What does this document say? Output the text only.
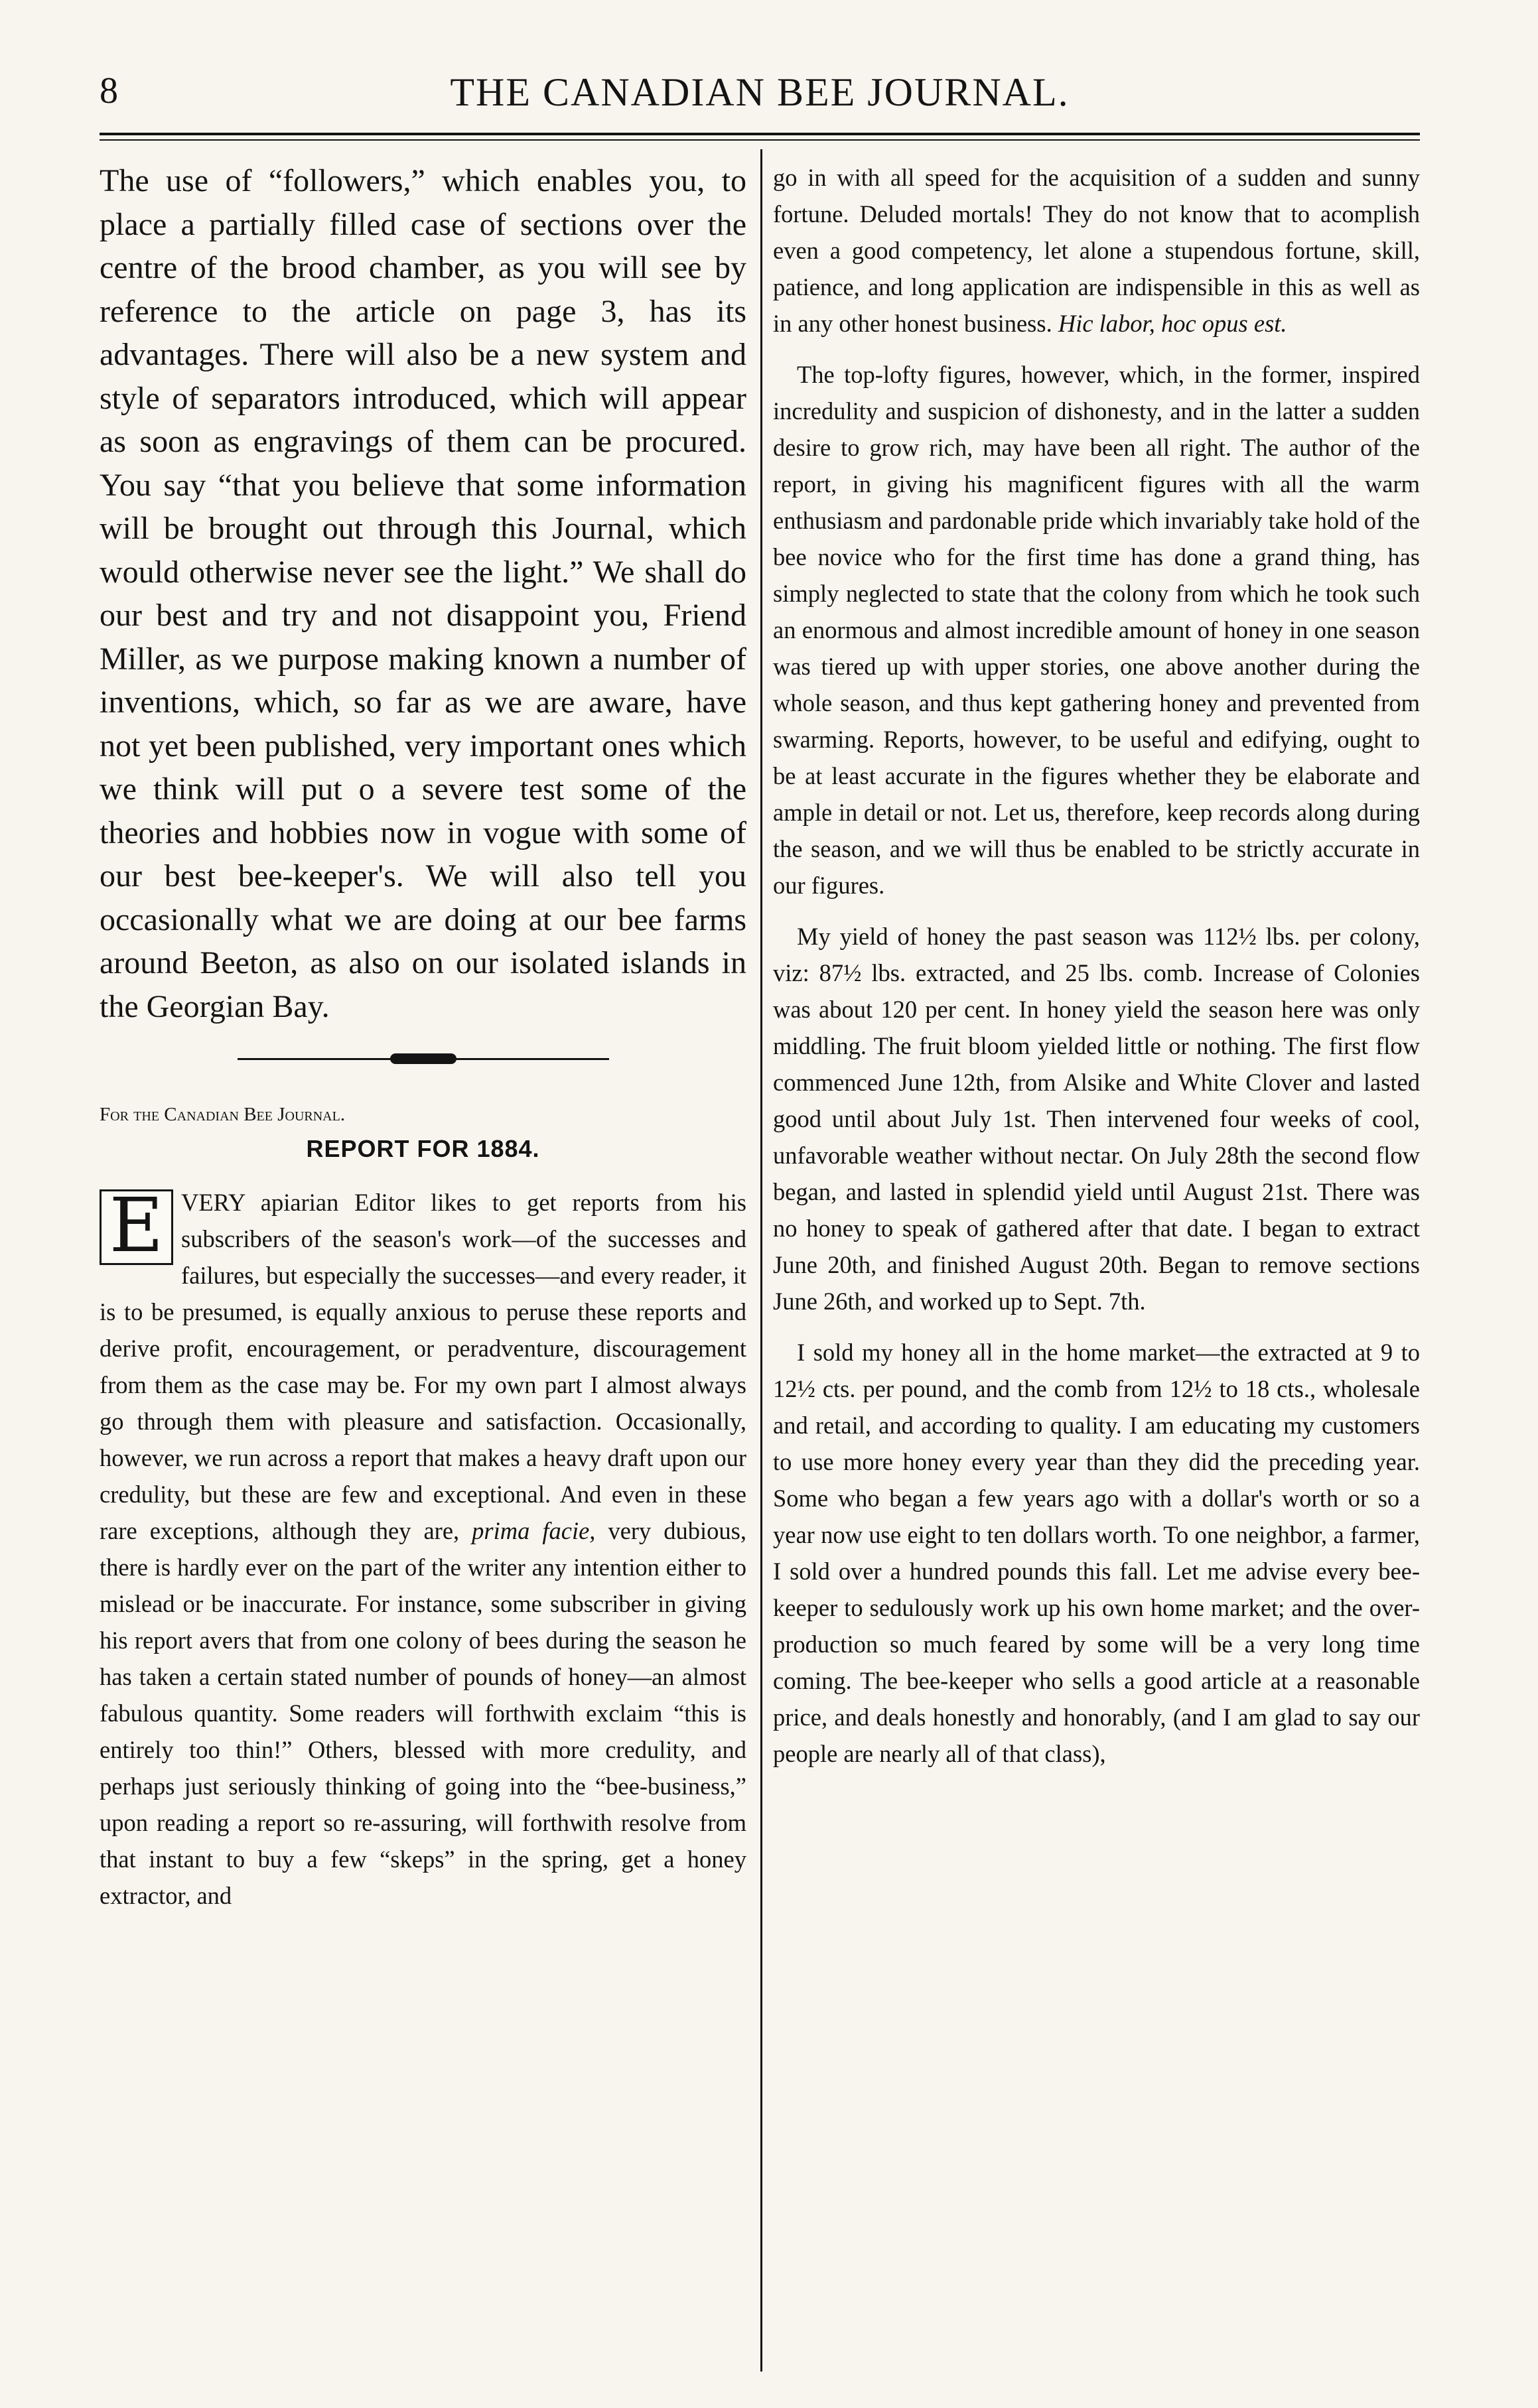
8	THE CANADIAN BEE JOURNAL.

The use of “followers,” which enables you, to place a partially filled case of sections over the centre of the brood chamber, as you will see by reference to the article on page 3, has its advantages. There will also be a new system and style of separators introduced, which will appear as soon as engravings of them can be procured. You say “that you believe that some information will be brought out through this Journal, which would otherwise never see the light.” We shall do our best and try and not disappoint you, Friend Miller, as we purpose making known a number of inventions, which, so far as we are aware, have not yet been published, very important ones which we think will put o a severe test some of the theories and hobbies now in vogue with some of our best bee-keeper's. We will also tell you occasionally what we are doing at our bee farms around Beeton, as also on our isolated islands in the Georgian Bay.

For the Canadian Bee Journal.
REPORT FOR 1884.

E VERY apiarian Editor likes to get reports from his subscribers of the season's work—of the successes and failures, but especially the successes—and every reader, it is to be presumed, is equally anxious to peruse these reports and derive profit, encouragement, or peradventure, discouragement from them as the case may be. For my own part I almost always go through them with pleasure and satisfaction. Occasionally, however, we run across a report that makes a heavy draft upon our credulity, but these are few and exceptional. And even in these rare exceptions, although they are, prima facie, very dubious, there is hardly ever on the part of the writer any intention either to mislead or be inaccurate. For instance, some subscriber in giving his report avers that from one colony of bees during the season he has taken a certain stated number of pounds of honey—an almost fabulous quantity. Some readers will forthwith exclaim “this is entirely too thin!” Others, blessed with more credulity, and perhaps just seriously thinking of going into the “bee-business,” upon reading a report so re-assuring, will forthwith resolve from that instant to buy a few “skeps” in the spring, get a honey extractor, and

go in with all speed for the acquisition of a sudden and sunny fortune. Deluded mortals! They do not know that to acomplish even a good competency, let alone a stupendous fortune, skill, patience, and long application are indispensible in this as well as in any other honest business. Hic labor, hoc opus est.

The top-lofty figures, however, which, in the former, inspired incredulity and suspicion of dishonesty, and in the latter a sudden desire to grow rich, may have been all right. The author of the report, in giving his magnificent figures with all the warm enthusiasm and pardonable pride which invariably take hold of the bee novice who for the first time has done a grand thing, has simply neglected to state that the colony from which he took such an enormous and almost incredible amount of honey in one season was tiered up with upper stories, one above another during the whole season, and thus kept gathering honey and prevented from swarming. Reports, however, to be useful and edifying, ought to be at least accurate in the figures whether they be elaborate and ample in detail or not. Let us, therefore, keep records along during the season, and we will thus be enabled to be strictly accurate in our figures.

My yield of honey the past season was 112½ lbs. per colony, viz: 87½ lbs. extracted, and 25 lbs. comb. Increase of Colonies was about 120 per cent. In honey yield the season here was only middling. The fruit bloom yielded little or nothing. The first flow commenced June 12th, from Alsike and White Clover and lasted good until about July 1st. Then intervened four weeks of cool, unfavorable weather without nectar. On July 28th the second flow began, and lasted in splendid yield until August 21st. There was no honey to speak of gathered after that date. I began to extract June 20th, and finished August 20th. Began to remove sections June 26th, and worked up to Sept. 7th.

I sold my honey all in the home market—the extracted at 9 to 12½ cts. per pound, and the comb from 12½ to 18 cts., wholesale and retail, and according to quality. I am educating my customers to use more honey every year than they did the preceding year. Some who began a few years ago with a dollar's worth or so a year now use eight to ten dollars worth. To one neighbor, a farmer, I sold over a hundred pounds this fall. Let me advise every bee-keeper to sedulously work up his own home market; and the over-production so much feared by some will be a very long time coming. The bee-keeper who sells a good article at a reasonable price, and deals honestly and honorably, (and I am glad to say our people are nearly all of that class),
